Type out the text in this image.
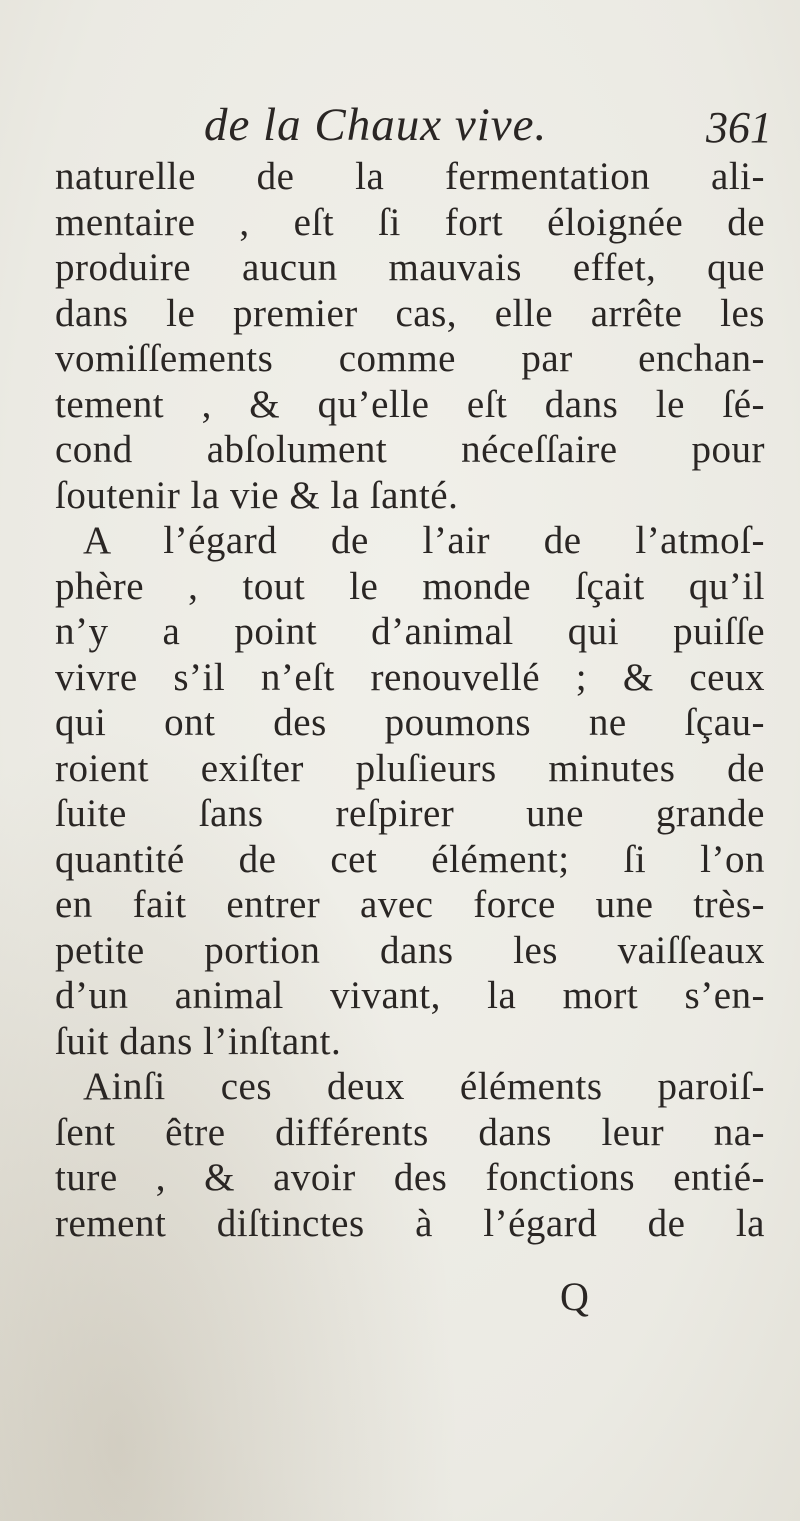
de la Chaux vive.	361
naturelle de la fermentation ali-
mentaire , eſt ſi fort éloignée de
produire aucun mauvais effet, que
dans le premier cas, elle arrête les
vomiſſements comme par enchan-
tement , & qu’elle eſt dans le ſé-
cond abſolument néceſſaire pour
ſoutenir la vie & la ſanté.
A l’égard de l’air de l’atmoſ-
phère , tout le monde ſçait qu’il
n’y a point d’animal qui puiſſe
vivre s’il n’eſt renouvellé ; & ceux
qui ont des poumons ne ſçau-
roient exiſter pluſieurs minutes de
ſuite ſans reſpirer une grande
quantité de cet élément; ſi l’on
en fait entrer avec force une très-
petite portion dans les vaiſſeaux
d’un animal vivant, la mort s’en-
ſuit dans l’inſtant.
Ainſi ces deux éléments paroiſ-
ſent être différents dans leur na-
ture , & avoir des fonctions entié-
rement diſtinctes à l’égard de la
Q
